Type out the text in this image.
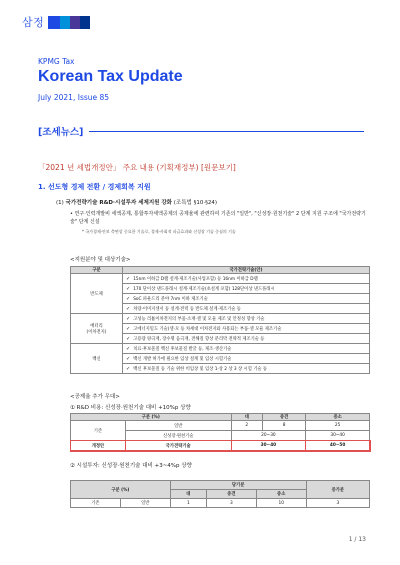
삼정
KPMG Tax
Korean Tax Update
July 2021, Issue 85
[조세뉴스]
「2021 년 세법개정안」 주요 내용 (기획재정부) [원문보기]
1. 선도형 경제 전환 / 경제회복 지원
(1) 국가전략기술 R&D·시설투자 세제지원 강화 (조특법 §10·§24)
• 연구·인력개발비 세액공제, 통합투자세액공제의 공제율에 관련하여 기존의 "일반", "신성장·원천기술" 2 단계 지원 구조에 "국가전략기술" 단계 신설
* 국가경제·안보 측면상 중요한 기술로, 경제·사회적 파급효과와 신성장 기술 중심의 기술
<지원분야 및 대상기술>
구분	국가전략기술(안)

반도체	✓ 15nm 이하급 D램 설계·제조기술(사업포함) 등 16nm 이하급 D램
	✓ 170 단이상 낸드플래시 설계·제조기술(초설계 포함) 128단이상 낸드플래시
	✓ SoC 파운드리 분야 7nm 이하 제조기술
	✓ 차량·이미지센서 등 설계·전력 등 반도체 설계·제조기술 등

배터리
(이차전지)	✓ 고성능 리튬이차전지의 부품·소재·셀 및 모듈 제조 및 안정성 향상 기술
	✓ 고에너지밀도 기술(셀·모 등 차세대 이차전지와 사용되는 부품·셀 모듈 제조기술
	✓ 고용량 양극재, 장수명 음극재, 전해질 향상 분리막 전략적 제조기술 등

백신	✓ 치료·후보물질 백신 후보물질 발굴 등, 제조·생산기술
	✓ 백신 개발 허가에 필요한 임상 설계 및 임상 시험기술
	✓ 백신 후보물질 등 기술 위한 비임상 및 임상 1·상 2 상 3 상 시험 기술 등
<공제율 추가 우대>
① R&D 비용: 신성장·원천기술 대비 +10%p 상향
구분 (%)		대	중견	중소
기존	일반	2	8	25
	신성장·원천기술	20~30		30~40
개정안	국가전략기술	30~40		40~50
② 시설투자: 신성장·원천기술 대비 +3~4%p 상향
구분 (%)		당기분			증가분
		대	중견	중소	
기존	일반	1	3	10	3
1 / 13
